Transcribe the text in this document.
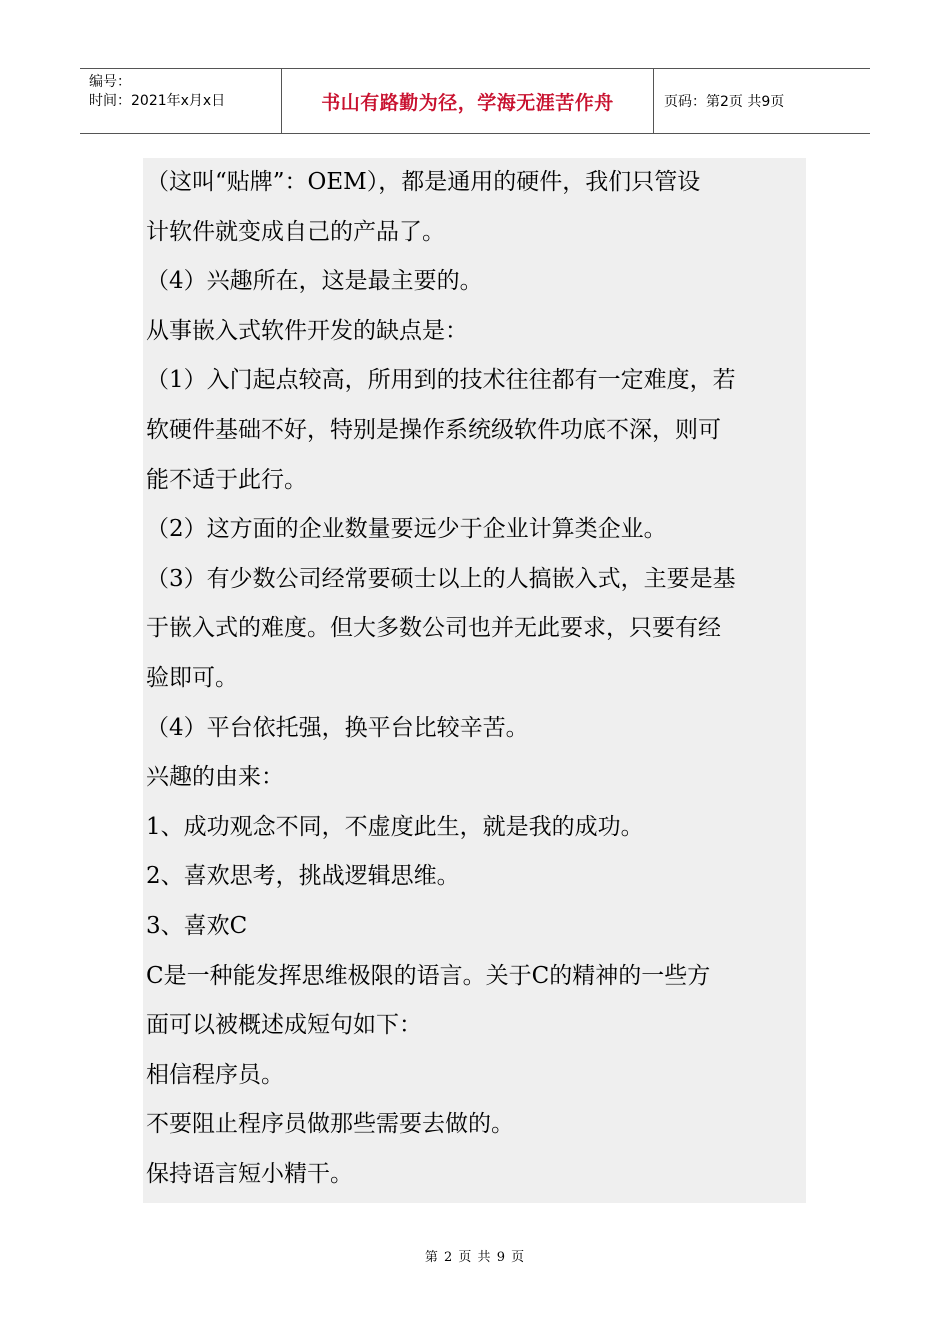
编号：
时间：2021年x月x日	书山有路勤为径，学海无涯苦作舟	页码：第2页 共9页

（这叫“贴牌”：OEM），都是通用的硬件，我们只管设

计软件就变成自己的产品了。

（4）兴趣所在，这是最主要的。

从事嵌入式软件开发的缺点是：

（1）入门起点较高，所用到的技术往往都有一定难度，若

软硬件基础不好，特别是操作系统级软件功底不深，则可

能不适于此行。

（2）这方面的企业数量要远少于企业计算类企业。

（3）有少数公司经常要硕士以上的人搞嵌入式，主要是基

于嵌入式的难度。但大多数公司也并无此要求，只要有经

验即可。

（4）平台依托强，换平台比较辛苦。

兴趣的由来：

1、成功观念不同，不虚度此生，就是我的成功。

2、喜欢思考，挑战逻辑思维。

3、喜欢C

C是一种能发挥思维极限的语言。关于C的精神的一些方

面可以被概述成短句如下：

相信程序员。

不要阻止程序员做那些需要去做的。

保持语言短小精干。

第 2 页 共 9 页
